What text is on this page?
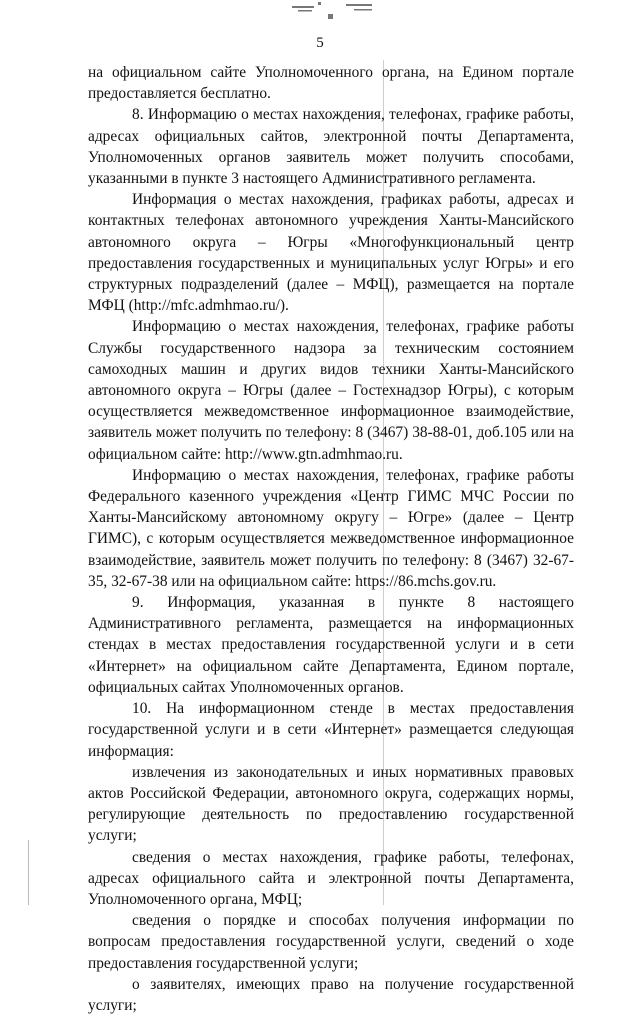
5

на официальном сайте Уполномоченного органа, на Едином портале предоставляется бесплатно.

8. Информацию о местах нахождения, телефонах, графике работы, адресах официальных сайтов, электронной почты Департамента, Уполномоченных органов заявитель может получить способами, указанными в пункте 3 настоящего Административного регламента.

Информация о местах нахождения, графиках работы, адресах и контактных телефонах автономного учреждения Ханты-Мансийского автономного округа – Югры «Многофункциональный центр предоставления государственных и муниципальных услуг Югры» и его структурных подразделений (далее – МФЦ), размещается на портале МФЦ (http://mfc.admhmao.ru/).

Информацию о местах нахождения, телефонах, графике работы Службы государственного надзора за техническим состоянием самоходных машин и других видов техники Ханты-Мансийского автономного округа – Югры (далее – Гостехнадзор Югры), с которым осуществляется межведомственное информационное взаимодействие, заявитель может получить по телефону: 8 (3467) 38-88-01, доб.105 или на официальном сайте: http://www.gtn.admhmao.ru.

Информацию о местах нахождения, телефонах, графике работы Федерального казенного учреждения «Центр ГИМС МЧС России по Ханты-Мансийскому автономному округу – Югре» (далее – Центр ГИМС), с которым осуществляется межведомственное информационное взаимодействие, заявитель может получить по телефону: 8 (3467) 32-67-35, 32-67-38 или на официальном сайте: https://86.mchs.gov.ru.

9. Информация, указанная в пункте 8 настоящего Административного регламента, размещается на информационных стендах в местах предоставления государственной услуги и в сети «Интернет» на официальном сайте Департамента, Едином портале, официальных сайтах Уполномоченных органов.

10. На информационном стенде в местах предоставления государственной услуги и в сети «Интернет» размещается следующая информация:

извлечения из законодательных и иных нормативных правовых актов Российской Федерации, автономного округа, содержащих нормы, регулирующие деятельность по предоставлению государственной услуги;

сведения о местах нахождения, графике работы, телефонах, адресах официального сайта и электронной почты Департамента, Уполномоченного органа, МФЦ;

сведения о порядке и способах получения информации по вопросам предоставления государственной услуги, сведений о ходе предоставления государственной услуги;

о заявителях, имеющих право на получение государственной услуги;
